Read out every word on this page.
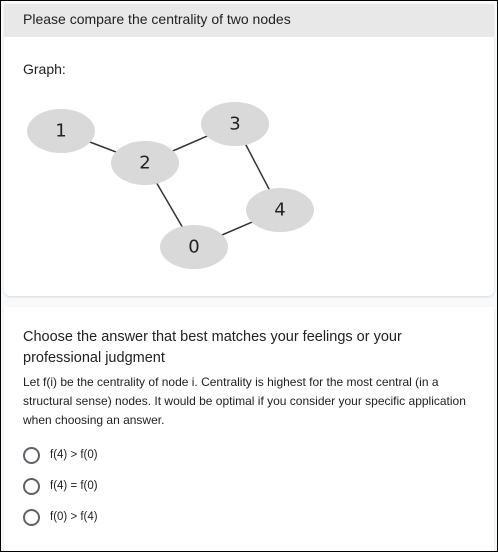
Please compare the centrality of two nodes
Graph:
1
2
3
4
0
Choose the answer that best matches your feelings or your professional judgment
Let f(i) be the centrality of node i. Centrality is highest for the most central (in a structural sense) nodes. It would be optimal if you consider your specific application when choosing an answer.
f(4) > f(0)
f(4) = f(0)
f(0) > f(4)
